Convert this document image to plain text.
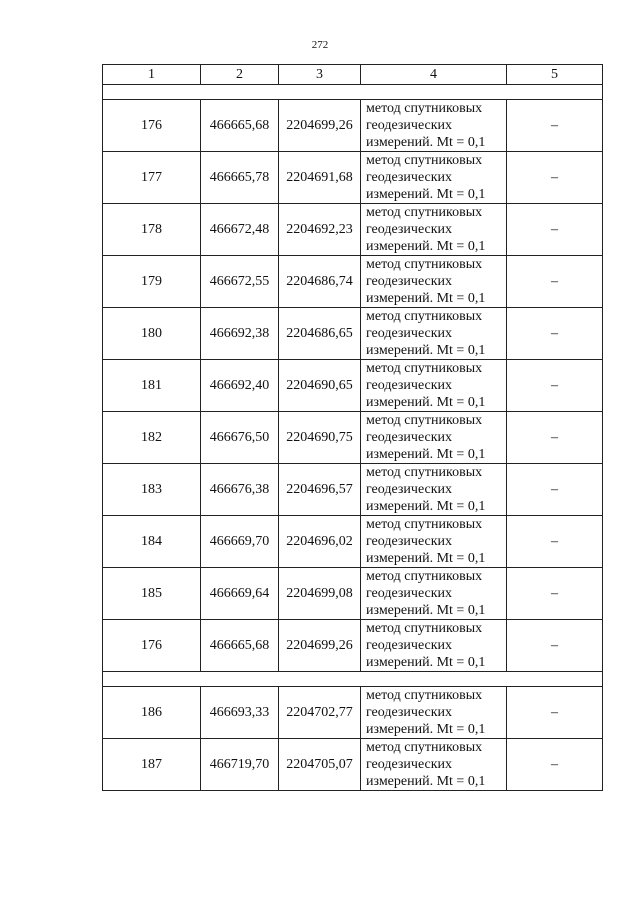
272
1	2	3	4	5

176	466665,68	2204699,26	метод спутниковых
геодезических
измерений. Mt = 0,1	–
177	466665,78	2204691,68	метод спутниковых
геодезических
измерений. Mt = 0,1	–
178	466672,48	2204692,23	метод спутниковых
геодезических
измерений. Mt = 0,1	–
179	466672,55	2204686,74	метод спутниковых
геодезических
измерений. Mt = 0,1	–
180	466692,38	2204686,65	метод спутниковых
геодезических
измерений. Mt = 0,1	–
181	466692,40	2204690,65	метод спутниковых
геодезических
измерений. Mt = 0,1	–
182	466676,50	2204690,75	метод спутниковых
геодезических
измерений. Mt = 0,1	–
183	466676,38	2204696,57	метод спутниковых
геодезических
измерений. Mt = 0,1	–
184	466669,70	2204696,02	метод спутниковых
геодезических
измерений. Mt = 0,1	–
185	466669,64	2204699,08	метод спутниковых
геодезических
измерений. Mt = 0,1	–
176	466665,68	2204699,26	метод спутниковых
геодезических
измерений. Mt = 0,1	–

186	466693,33	2204702,77	метод спутниковых
геодезических
измерений. Mt = 0,1	–
187	466719,70	2204705,07	метод спутниковых
геодезических
измерений. Mt = 0,1	–
